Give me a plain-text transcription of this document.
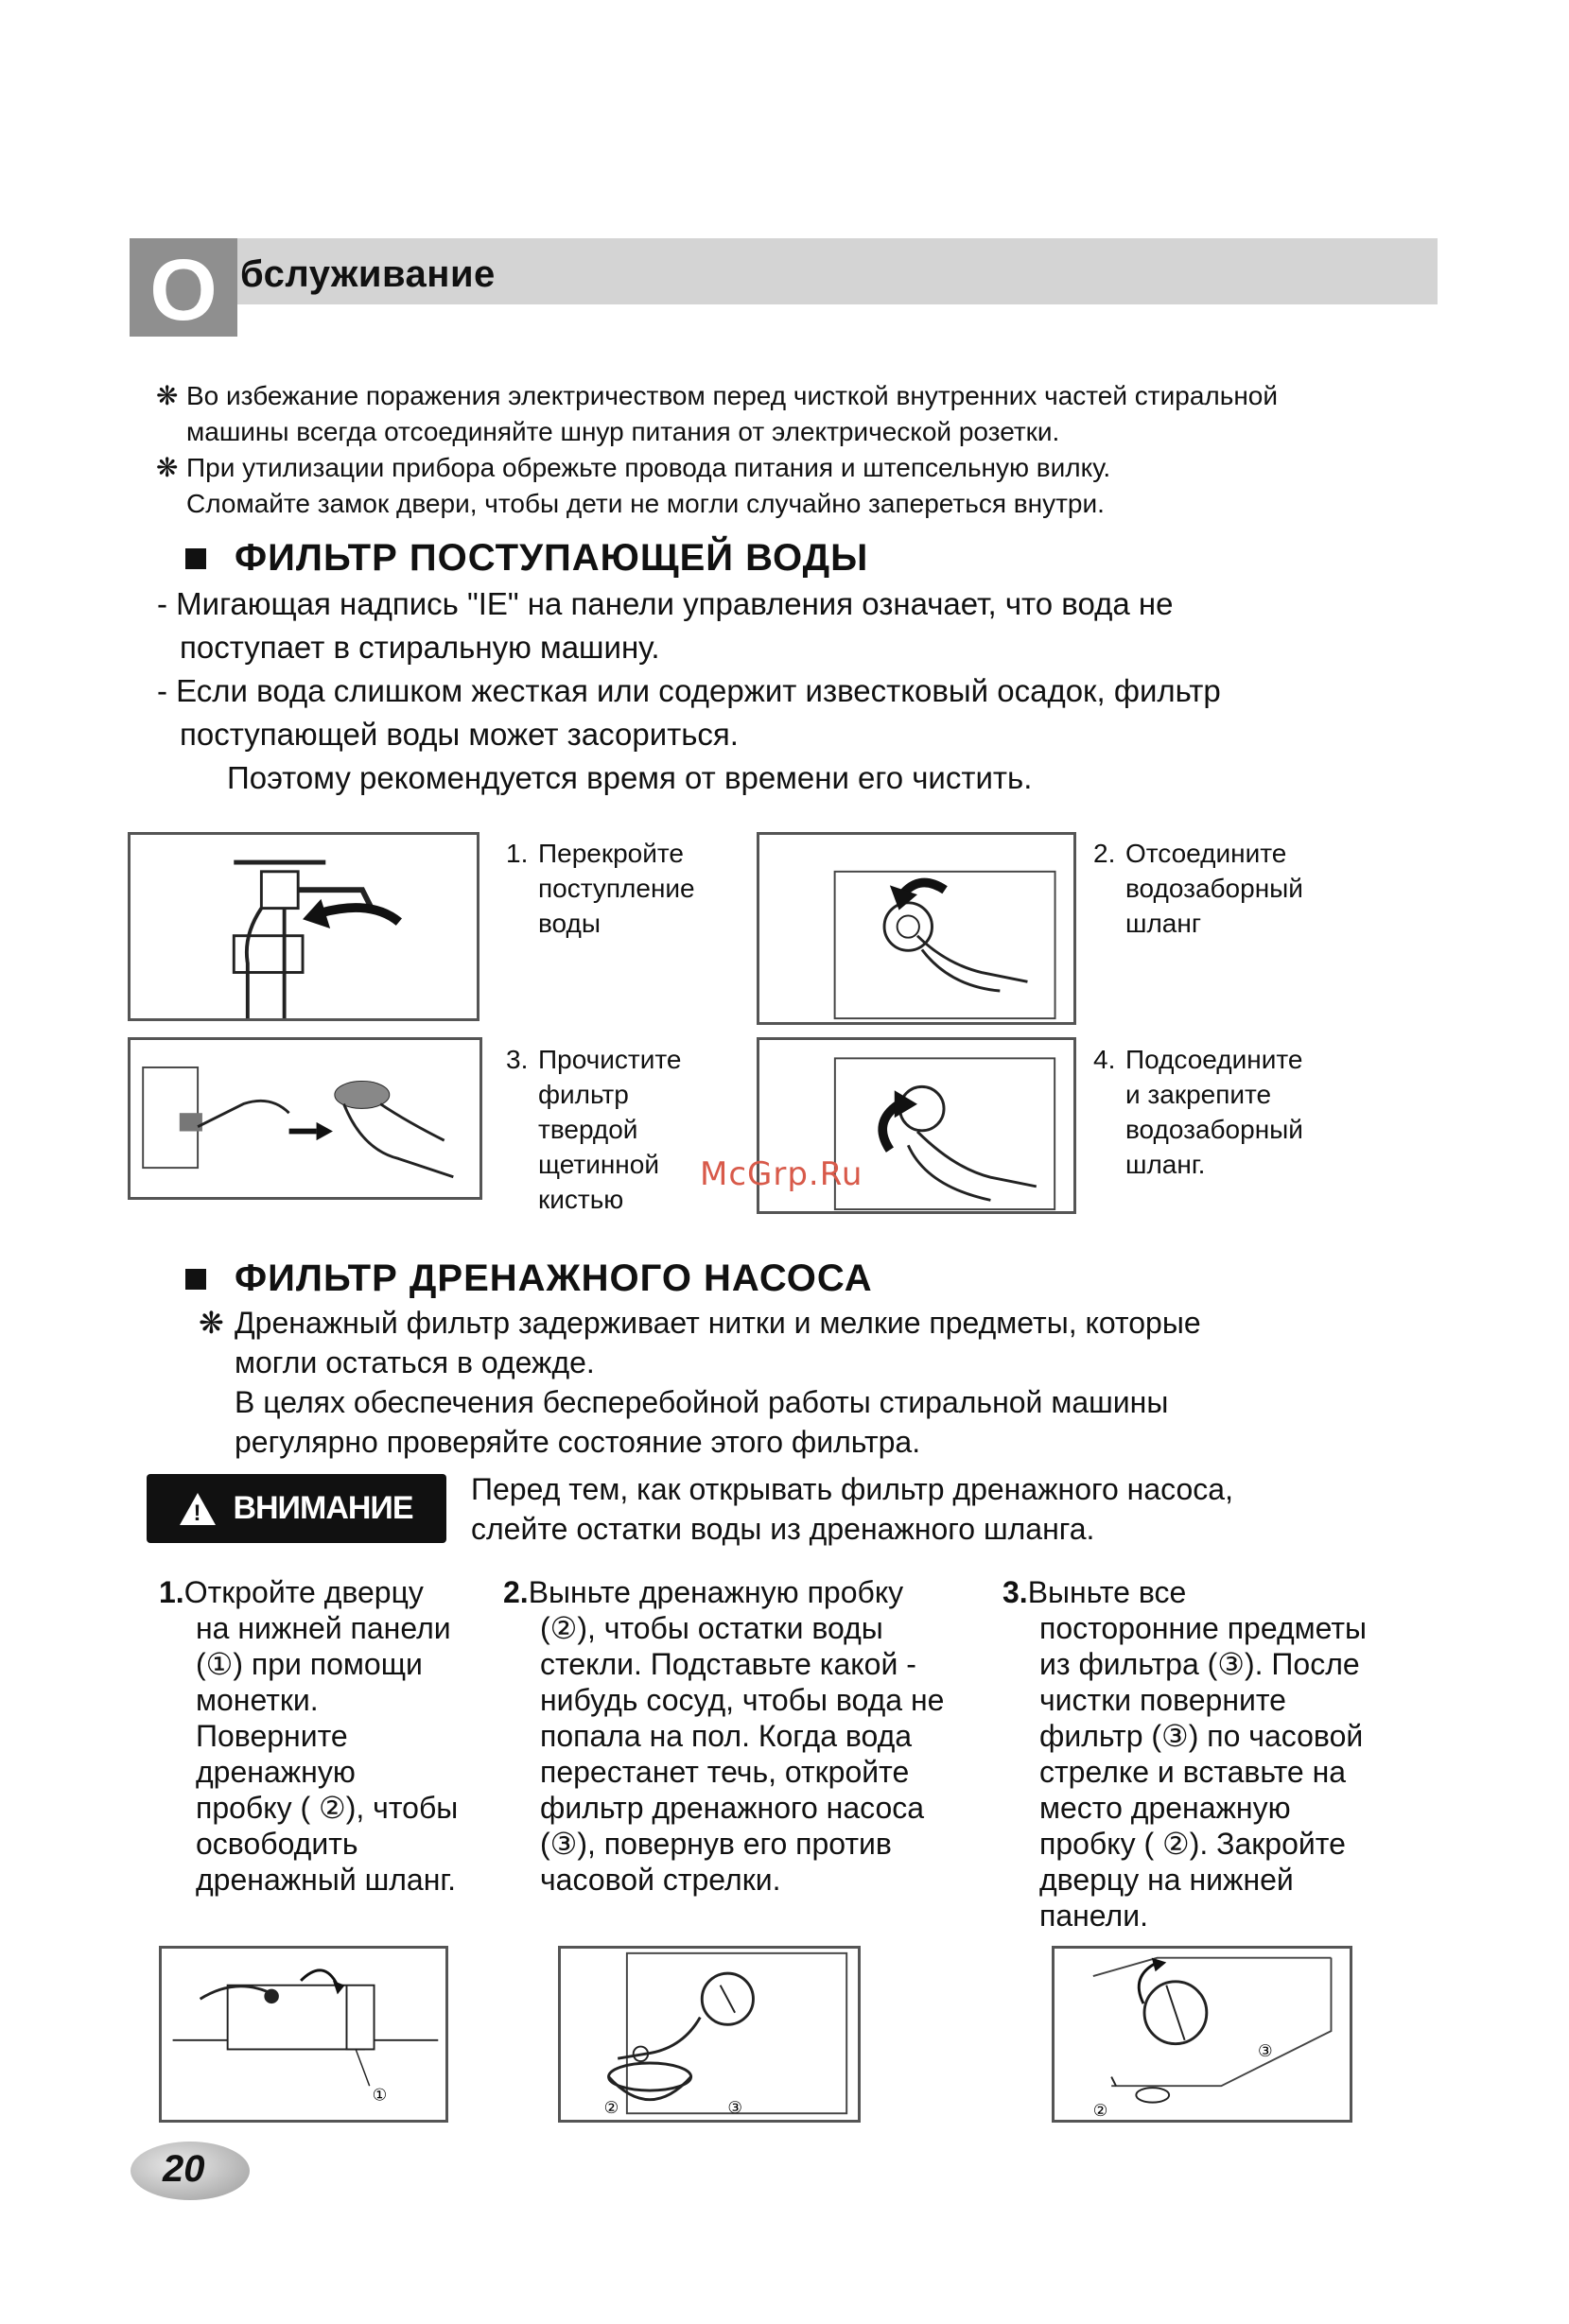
O бслуживание
❋ Во избежание поражения электричеством перед чисткой внутренних частей стиральной
машины всегда отсоединяйте шнур питания от электрической розетки.
❋ При утилизации прибора обрежьте провода питания и штепсельную вилку.
Сломайте замок двери, чтобы дети не могли случайно запереться внутри.
ФИЛЬТР ПОСТУПАЮЩЕЙ ВОДЫ
- Мигающая надпись "IE" на панели управления означает, что вода не
поступает в стиральную машину.
- Если вода слишком жесткая или содержит известковый осадок, фильтр
поступающей воды может засориться.
Поэтому рекомендуется время от времени его чистить.
1. Перекройте
поступление
воды
2. Отсоедините
водозаборный
шланг
3. Прочистите
фильтр
твердой
щетинной
кистью
4. Подсоедините
и закрепите
водозаборный
шланг.
McGrp.Ru
ФИЛЬТР ДРЕНАЖНОГО НАСОСА
❋ Дренажный фильтр задерживает нитки и мелкие предметы, которые
могли остаться в одежде.
В целях обеспечения бесперебойной работы стиральной машины
регулярно проверяйте состояние этого фильтра.
! ВНИМАНИЕ
Перед тем, как открывать фильтр дренажного насоса,
слейте остатки воды из дренажного шланга.
1.Откройте дверцу
на нижней панели
(①) при помощи
монетки.
Поверните
дренажную
пробку ( ②), чтобы
освободить
дренажный шланг.
2.Выньте дренажную пробку
(②), чтобы остатки воды
стекли. Подставьте какой -
нибудь сосуд, чтобы вода не
попала на пол. Когда вода
перестанет течь, откройте
фильтр дренажного насоса
(③), повернув его против
часовой стрелки.
3.Выньте все
посторонние предметы
из фильтра (③). После
чистки поверните
фильтр (③) по часовой
стрелке и вставьте на
место дренажную
пробку ( ②). Закройте
дверцу на нижней
панели.
①
②	③	②
③
20
